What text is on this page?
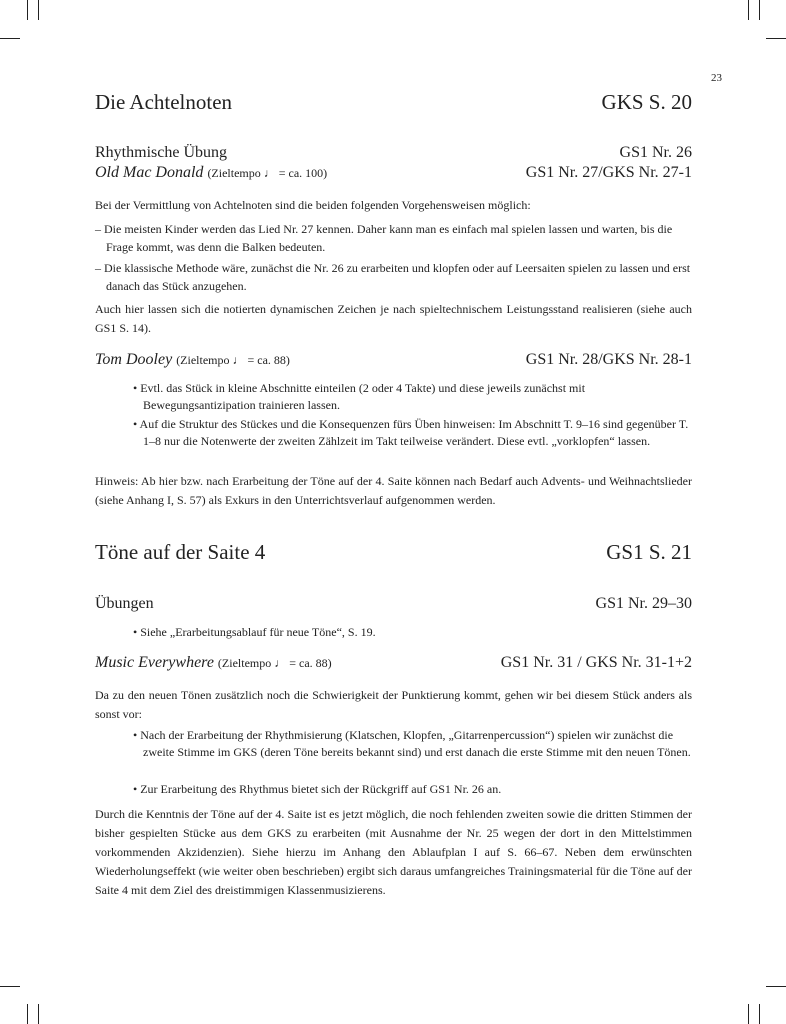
23
Die Achtelnoten	GKS S. 20
Rhythmische Übung	GS1 Nr. 26
Old Mac Donald (Zieltempo ♩ = ca. 100)	GS1 Nr. 27/GKS Nr. 27-1

Bei der Vermittlung von Achtelnoten sind die beiden folgenden Vorgehensweisen möglich:

– Die meisten Kinder werden das Lied Nr. 27 kennen. Daher kann man es einfach mal spielen lassen und warten, bis die Frage kommt, was denn die Balken bedeuten.

– Die klassische Methode wäre, zunächst die Nr. 26 zu erarbeiten und klopfen oder auf Leersaiten spielen zu lassen und erst danach das Stück anzugehen.

Auch hier lassen sich die notierten dynamischen Zeichen je nach spieltechnischem Leistungsstand realisieren (siehe auch GS1 S. 14).

Tom Dooley (Zieltempo ♩ = ca. 88)	GS1 Nr. 28/GKS Nr. 28-1

• Evtl. das Stück in kleine Abschnitte einteilen (2 oder 4 Takte) und diese jeweils zunächst mit Bewegungsantizipation trainieren lassen.

• Auf die Struktur des Stückes und die Konsequenzen fürs Üben hinweisen: Im Abschnitt T. 9–16 sind gegenüber T. 1–8 nur die Notenwerte der zweiten Zählzeit im Takt teilweise verändert. Diese evtl. „vorklopfen“ lassen.

Hinweis: Ab hier bzw. nach Erarbeitung der Töne auf der 4. Saite können nach Bedarf auch Advents- und Weihnachtslieder (siehe Anhang I, S. 57) als Exkurs in den Unterrichtsverlauf aufgenommen werden.

Töne auf der Saite 4	GS1 S. 21
Übungen	GS1 Nr. 29–30

• Siehe „Erarbeitungsablauf für neue Töne“, S. 19.

Music Everywhere (Zieltempo ♩ = ca. 88)	GS1 Nr. 31 / GKS Nr. 31-1+2

Da zu den neuen Tönen zusätzlich noch die Schwierigkeit der Punktierung kommt, gehen wir bei diesem Stück anders als sonst vor:

• Nach der Erarbeitung der Rhythmisierung (Klatschen, Klopfen, „Gitarrenpercussion“) spielen wir zunächst die zweite Stimme im GKS (deren Töne bereits bekannt sind) und erst danach die erste Stimme mit den neuen Tönen.

• Zur Erarbeitung des Rhythmus bietet sich der Rückgriff auf GS1 Nr. 26 an.

Durch die Kenntnis der Töne auf der 4. Saite ist es jetzt möglich, die noch fehlenden zweiten sowie die dritten Stimmen der bisher gespielten Stücke aus dem GKS zu erarbeiten (mit Ausnahme der Nr. 25 wegen der dort in den Mittelstimmen vorkommenden Akzidenzien). Siehe hierzu im Anhang den Ablaufplan I auf S. 66–67. Neben dem erwünschten Wiederholungseffekt (wie weiter oben beschrieben) ergibt sich daraus umfangreiches Trainingsmaterial für die Töne auf der Saite 4 mit dem Ziel des dreistimmigen Klassenmusizierens.
